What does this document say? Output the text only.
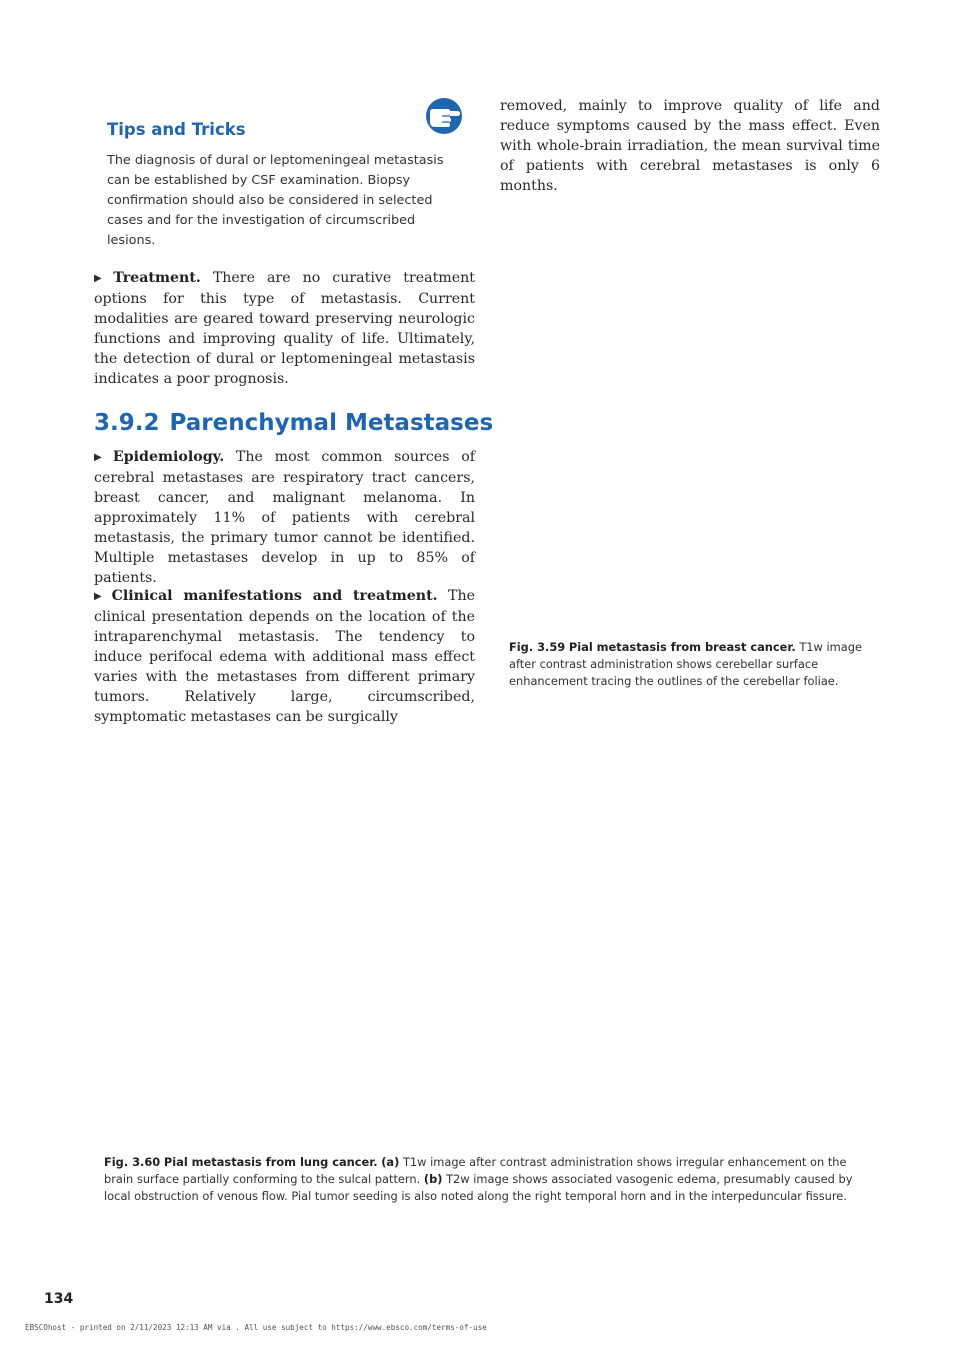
Tips and Tricks
The diagnosis of dural or leptomeningeal metastasis can be established by CSF examination. Biopsy confirmation should also be considered in selected cases and for the investigation of circumscribed lesions.
▶ Treatment. There are no curative treatment options for this type of metastasis. Current modalities are geared toward preserving neurologic functions and improving quality of life. Ultimately, the detection of dural or leptomeningeal metastasis indicates a poor prognosis.
3.9.2 Parenchymal Metastases
▶ Epidemiology. The most common sources of cerebral metastases are respiratory tract cancers, breast cancer, and malignant melanoma. In approximately 11% of patients with cerebral metastasis, the primary tumor cannot be identified. Multiple metastases develop in up to 85% of patients.
▶ Clinical manifestations and treatment. The clinical presentation depends on the location of the intraparenchymal metastasis. The tendency to induce perifocal edema with additional mass effect varies with the metastases from different primary tumors. Relatively large, circumscribed, symptomatic metastases can be surgically
removed, mainly to improve quality of life and reduce symptoms caused by the mass effect. Even with whole-brain irradiation, the mean survival time of patients with cerebral metastases is only 6 months.
Fig. 3.59 Pial metastasis from breast cancer. T1w image after contrast administration shows cerebellar surface enhancement tracing the outlines of the cerebellar foliae.
Fig. 3.60 Pial metastasis from lung cancer. (a) T1w image after contrast administration shows irregular enhancement on the brain surface partially conforming to the sulcal pattern. (b) T2w image shows associated vasogenic edema, presumably caused by local obstruction of venous flow. Pial tumor seeding is also noted along the right temporal horn and in the interpeduncular fissure.
134
EBSCOhost - printed on 2/11/2023 12:13 AM via . All use subject to https://www.ebsco.com/terms-of-use
